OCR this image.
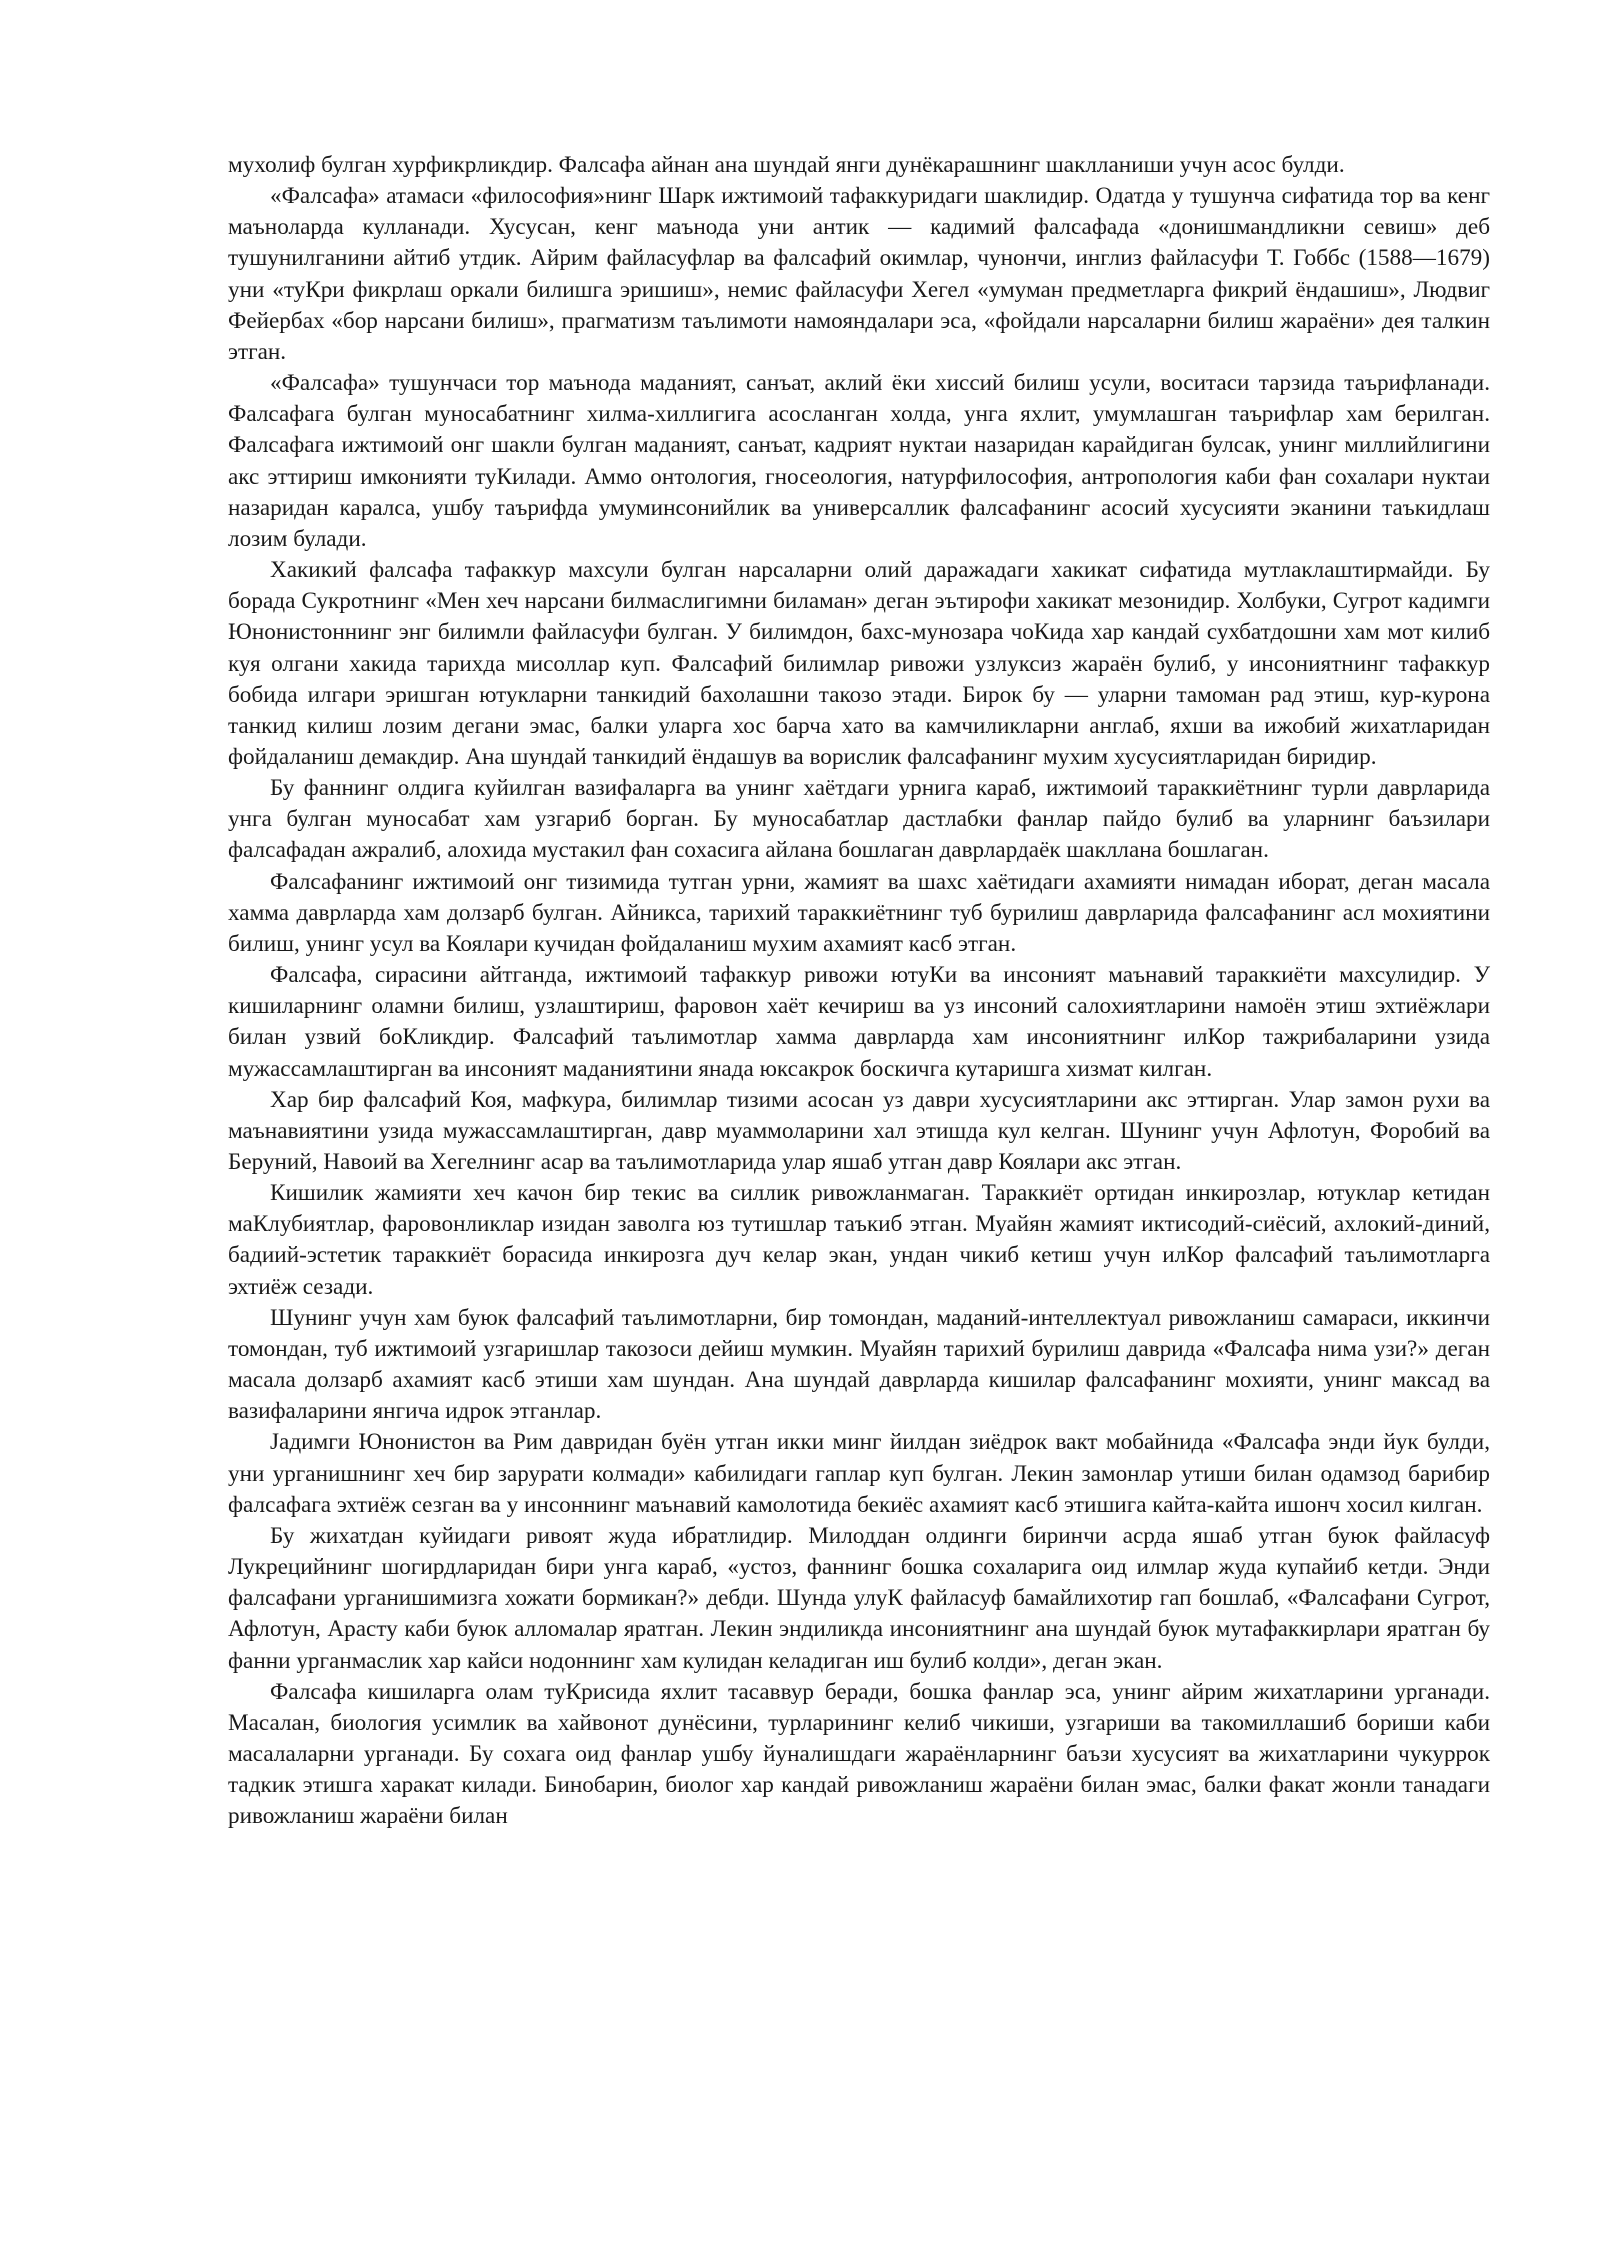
мухолиф булган хурфикрликдир. Фалсафа айнан ана шундай янги дунёкарашнинг шаклланиши учун асос булди.

«Фалсафа» атамаси «философия»нинг Шарк ижтимоий тафаккуридаги шаклидир. Одатда у тушунча сифатида тор ва кенг маъноларда кулланади. Хусусан, кенг маънода уни антик — кадимий фалсафада «донишмандликни севиш» деб тушунилганини айтиб утдик. Айрим файласуфлар ва фалсафий окимлар, чунончи, инглиз файласуфи Т. Гоббс (1588—1679) уни «туКри фикрлаш оркали билишга эришиш», немис файласуфи Хегел «умуман предметларга фикрий ёндашиш», Людвиг Фейербах «бор нарсани билиш», прагматизм таълимоти намояндалари эса, «фойдали нарсаларни билиш жараёни» дея талкин этган.

«Фалсафа» тушунчаси тор маънода маданият, санъат, аклий ёки хиссий билиш усули, воситаси тарзида таърифланади. Фалсафага булган муносабатнинг хилма-хиллигига асосланган холда, унга яхлит, умумлашган таърифлар хам берилган. Фалсафага ижтимоий онг шакли булган маданият, санъат, кадрият нуктаи назаридан карайдиган булсак, унинг миллийлигини акс эттириш имконияти туКилади. Аммо онтология, гносеология, натурфилософия, антропология каби фан сохалари нуктаи назаридан каралса, ушбу таърифда умуминсонийлик ва универсаллик фалсафанинг асосий хусусияти эканини таъкидлаш лозим булади.

Хакикий фалсафа тафаккур махсули булган нарсаларни олий даражадаги хакикат сифатида мутлаклаштирмайди. Бу борада Сукротнинг «Мен хеч нарсани билмаслигимни биламан» деган эътирофи хакикат мезонидир. Холбуки, Сугрот кадимги Юнонистоннинг энг билимли файласуфи булган. У билимдон, бахс-мунозара чоКида хар кандай сухбатдошни хам мот килиб куя олгани хакида тарихда мисоллар куп. Фалсафий билимлар ривожи узлуксиз жараён булиб, у инсониятнинг тафаккур бобида илгари эришган ютукларни танкидий бахолашни такозо этади. Бирок бу — уларни тамоман рад этиш, кур-курона танкид килиш лозим дегани эмас, балки уларга хос барча хато ва камчиликларни англаб, яхши ва ижобий жихатларидан фойдаланиш демакдир. Ана шундай танкидий ёндашув ва ворислик фалсафанинг мухим хусусиятларидан биридир.

Бу фаннинг олдига куйилган вазифаларга ва унинг хаётдаги урнига караб, ижтимоий тараккиётнинг турли даврларида унга булган муносабат хам узгариб борган. Бу муносабатлар дастлабки фанлар пайдо булиб ва уларнинг баъзилари фалсафадан ажралиб, алохида мустакил фан сохасига айлана бошлаган даврлардаёк шакллана бошлаган.

Фалсафанинг ижтимоий онг тизимида тутган урни, жамият ва шахс хаётидаги ахамияти нимадан иборат, деган масала хамма даврларда хам долзарб булган. Айникса, тарихий тараккиётнинг туб бурилиш даврларида фалсафанинг асл мохиятини билиш, унинг усул ва Коялари кучидан фойдаланиш мухим ахамият касб этган.

Фалсафа, сирасини айтганда, ижтимоий тафаккур ривожи ютуКи ва инсоният маънавий тараккиёти махсулидир. У кишиларнинг оламни билиш, узлаштириш, фаровон хаёт кечириш ва уз инсоний салохиятларини намоён этиш эхтиёжлари билан узвий боКликдир. Фалсафий таълимотлар хамма даврларда хам инсониятнинг илКор тажрибаларини узида мужассамлаштирган ва инсоният маданиятини янада юксакрок боскичга кутаришга хизмат килган.

Хар бир фалсафий Коя, мафкура, билимлар тизими асосан уз даври хусусиятларини акс эттирган. Улар замон рухи ва маънавиятини узида мужассамлаштирган, давр муаммоларини хал этишда кул келган. Шунинг учун Афлотун, Форобий ва Беруний, Навоий ва Хегелнинг асар ва таълимотларида улар яшаб утган давр Коялари акс этган.

Кишилик жамияти хеч качон бир текис ва силлик ривожланмаган. Тараккиёт ортидан инкирозлар, ютуклар кетидан маКлубиятлар, фаровонликлар изидан заволга юз тутишлар таъкиб этган. Муайян жамият иктисодий-сиёсий, ахлокий-диний, бадиий-эстетик тараккиёт борасида инкирозга дуч келар экан, ундан чикиб кетиш учун илКор фалсафий таълимотларга эхтиёж сезади.

Шунинг учун хам буюк фалсафий таълимотларни, бир томондан, маданий-интеллектуал ривожланиш самараси, иккинчи томондан, туб ижтимоий узгаришлар такозоси дейиш мумкин. Муайян тарихий бурилиш даврида «Фалсафа нима узи?» деган масала долзарб ахамият касб этиши хам шундан. Ана шундай даврларда кишилар фалсафанинг мохияти, унинг максад ва вазифаларини янгича идрок этганлар.

Јадимги Юнонистон ва Рим давридан буён утган икки минг йилдан зиёдрок вакт мобайнида «Фалсафа энди йук булди, уни урганишнинг хеч бир зарурати колмади» кабилидаги гаплар куп булган. Лекин замонлар утиши билан одамзод барибир фалсафага эхтиёж сезган ва у инсоннинг маънавий камолотида бекиёс ахамият касб этишига кайта-кайта ишонч хосил килган.

Бу жихатдан куйидаги ривоят жуда ибратлидир. Милоддан олдинги биринчи асрда яшаб утган буюк файласуф Лукрецийнинг шогирдларидан бири унга караб, «устоз, фаннинг бошка сохаларига оид илмлар жуда купайиб кетди. Энди фалсафани урганишимизга хожати бормикан?» дебди. Шунда улуК файласуф бамайлихотир гап бошлаб, «Фалсафани Сугрот, Афлотун, Арасту каби буюк алломалар яратган. Лекин эндиликда инсониятнинг ана шундай буюк мутафаккирлари яратган бу фанни урганмаслик хар кайси нодоннинг хам кулидан келадиган иш булиб колди», деган экан.

Фалсафа кишиларга олам туКрисида яхлит тасаввур беради, бошка фанлар эса, унинг айрим жихатларини урганади. Масалан, биология усимлик ва хайвонот дунёсини, турларининг келиб чикиши, узгариши ва такомиллашиб бориши каби масалаларни урганади. Бу сохага оид фанлар ушбу йуналишдаги жараёнларнинг баъзи хусусият ва жихатларини чукуррок тадкик этишга харакат килади. Бинобарин, биолог хар кандай ривожланиш жараёни билан эмас, балки факат жонли танадаги ривожланиш жараёни билан
